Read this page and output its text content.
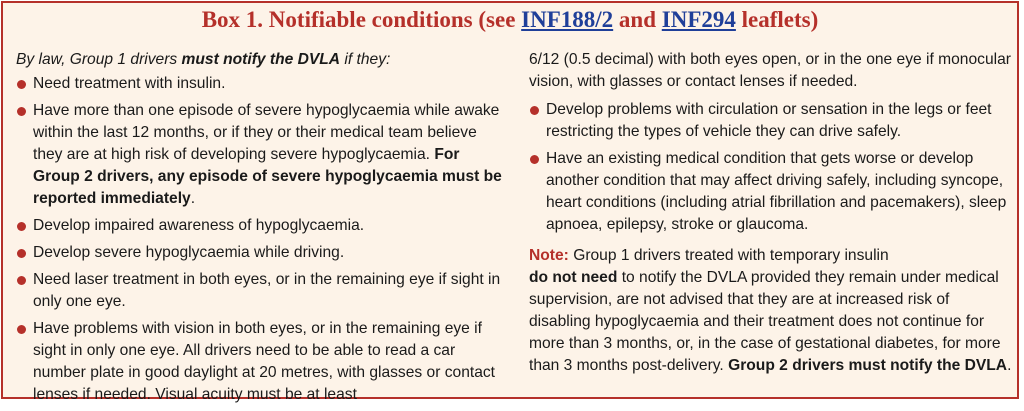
Box 1. Notifiable conditions (see INF188/2 and INF294 leaflets)

By law, Group 1 drivers must notify the DVLA if they:

Need treatment with insulin.
Have more than one episode of severe hypoglycaemia while awake within the last 12 months, or if they or their medical team believe they are at high risk of developing severe hypoglycaemia. For Group 2 drivers, any episode of severe hypoglycaemia must be reported immediately.
Develop impaired awareness of hypoglycaemia.
Develop severe hypoglycaemia while driving.
Need laser treatment in both eyes, or in the remaining eye if sight in only one eye.
Have problems with vision in both eyes, or in the remaining eye if sight in only one eye. All drivers need to be able to read a car number plate in good daylight at 20 metres, with glasses or contact lenses if needed. Visual acuity must be at least

6/12 (0.5 decimal) with both eyes open, or in the one eye if monocular vision, with glasses or contact lenses if needed.

Develop problems with circulation or sensation in the legs or feet restricting the types of vehicle they can drive safely.
Have an existing medical condition that gets worse or develop another condition that may affect driving safely, including syncope, heart conditions (including atrial fibrillation and pacemakers), sleep apnoea, epilepsy, stroke or glaucoma.

Note: Group 1 drivers treated with temporary insulin
do not need to notify the DVLA provided they remain under medical supervision, are not advised that they are at increased risk of disabling hypoglycaemia and their treatment does not continue for more than 3 months, or, in the case of gestational diabetes, for more than 3 months post-delivery. Group 2 drivers must notify the DVLA.
